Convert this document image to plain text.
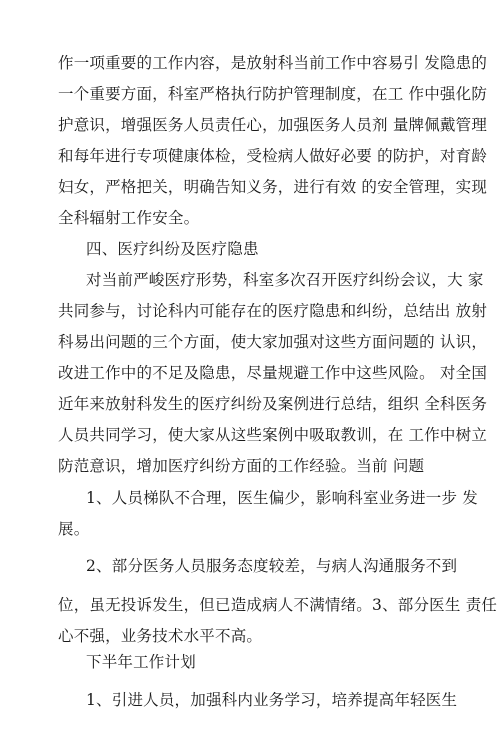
作一项重要的工作内容，是放射科当前工作中容易引 发隐患的
一个重要方面，科室严格执行防护管理制度，在工 作中强化防
护意识，增强医务人员责任心，加强医务人员剂 量牌佩戴管理
和每年进行专项健康体检，受检病人做好必要 的防护，对育龄
妇女，严格把关，明确告知义务，进行有效 的安全管理，实现
全科辐射工作安全。
四、医疗纠纷及医疗隐患
对当前严峻医疗形势，科室多次召开医疗纠纷会议，大 家
共同参与，讨论科内可能存在的医疗隐患和纠纷，总结出 放射
科易出问题的三个方面，使大家加强对这些方面问题的 认识，
改进工作中的不足及隐患，尽量规避工作中这些风险。 对全国
近年来放射科发生的医疗纠纷及案例进行总结，组织 全科医务
人员共同学习，使大家从这些案例中吸取教训，在 工作中树立
防范意识，增加医疗纠纷方面的工作经验。当前 问题
1、人员梯队不合理，医生偏少，影响科室业务进一步 发
展。
2、部分医务人员服务态度较差，与病人沟通服务不到
位，虽无投诉发生，但已造成病人不满情绪。3、部分医生 责任
心不强，业务技术水平不高。
下半年工作计划
1、引进人员，加强科内业务学习，培养提高年轻医生
